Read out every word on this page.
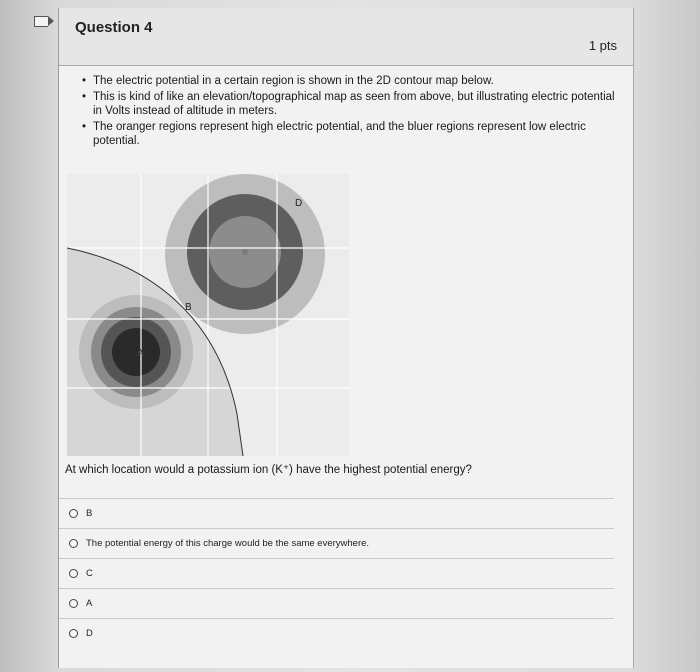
Question 4
1 pts
• The electric potential in a certain region is shown in the 2D contour map below.
• This is kind of like an elevation/topographical map as seen from above, but illustrating electric potential in Volts instead of altitude in meters.
• The oranger regions represent high electric potential, and the bluer regions represent low electric potential.
D
B
A
At which location would a potassium ion (K⁺) have the highest potential energy?
B
The potential energy of this charge would be the same everywhere.
C
A
D
